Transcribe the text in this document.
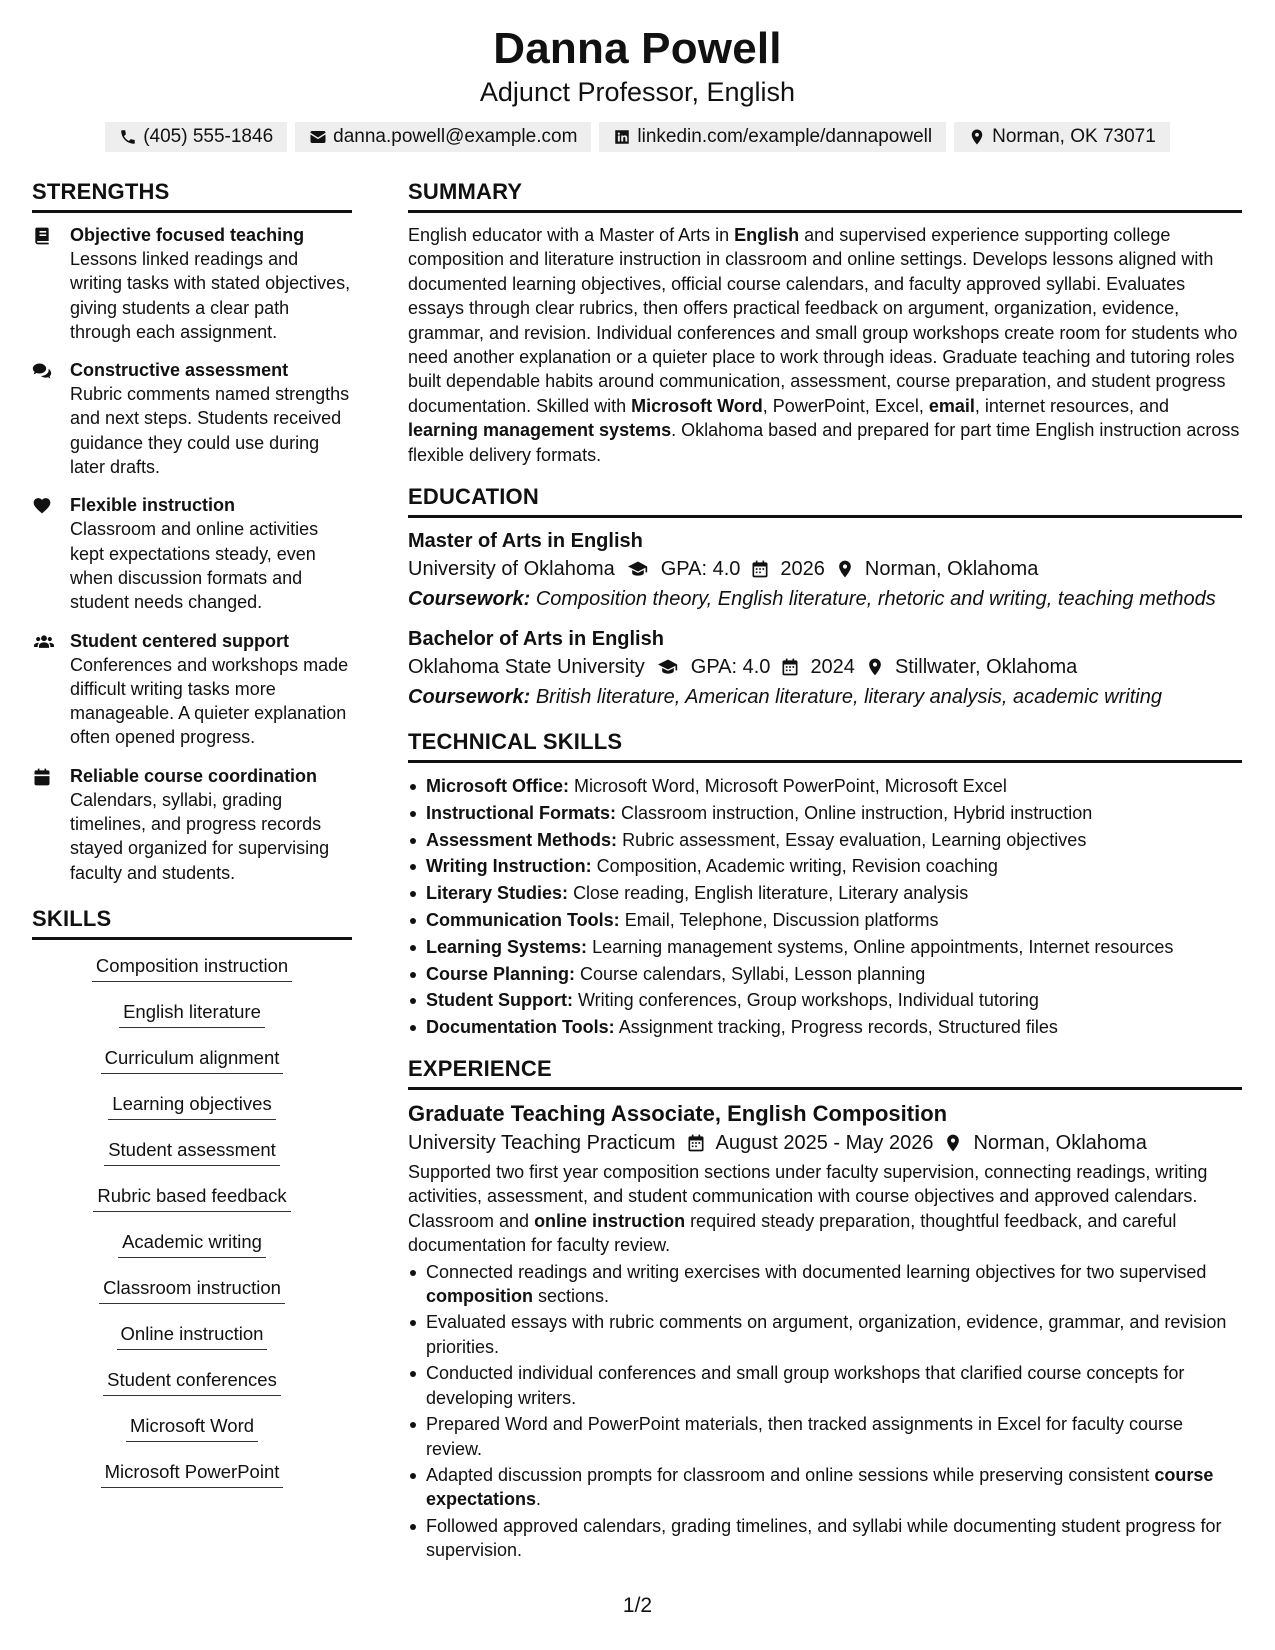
Danna Powell
Adjunct Professor, English
(405) 555-1846	danna.powell@example.com	linkedin.com/example/dannapowell	Norman, OK 73071
STRENGTHS
Objective focused teaching
Lessons linked readings and writing tasks with stated objectives, giving students a clear path through each assignment.
Constructive assessment
Rubric comments named strengths and next steps. Students received guidance they could use during later drafts.
Flexible instruction
Classroom and online activities kept expectations steady, even when discussion formats and student needs changed.
Student centered support
Conferences and workshops made difficult writing tasks more manageable. A quieter explanation often opened progress.
Reliable course coordination
Calendars, syllabi, grading timelines, and progress records stayed organized for supervising faculty and students.
SKILLS
Composition instruction
English literature
Curriculum alignment
Learning objectives
Student assessment
Rubric based feedback
Academic writing
Classroom instruction
Online instruction
Student conferences
Microsoft Word
Microsoft PowerPoint
SUMMARY
English educator with a Master of Arts in English and supervised experience supporting college composition and literature instruction in classroom and online settings. Develops lessons aligned with documented learning objectives, official course calendars, and faculty approved syllabi. Evaluates essays through clear rubrics, then offers practical feedback on argument, organization, evidence, grammar, and revision. Individual conferences and small group workshops create room for students who need another explanation or a quieter place to work through ideas. Graduate teaching and tutoring roles built dependable habits around communication, assessment, course preparation, and student progress documentation. Skilled with Microsoft Word, PowerPoint, Excel, email, internet resources, and learning management systems. Oklahoma based and prepared for part time English instruction across flexible delivery formats.
EDUCATION
Master of Arts in English
University of Oklahoma GPA: 4.0 2026 Norman, Oklahoma
Coursework: Composition theory, English literature, rhetoric and writing, teaching methods
Bachelor of Arts in English
Oklahoma State University GPA: 4.0 2024 Stillwater, Oklahoma
Coursework: British literature, American literature, literary analysis, academic writing
TECHNICAL SKILLS
Microsoft Office: Microsoft Word, Microsoft PowerPoint, Microsoft Excel
Instructional Formats: Classroom instruction, Online instruction, Hybrid instruction
Assessment Methods: Rubric assessment, Essay evaluation, Learning objectives
Writing Instruction: Composition, Academic writing, Revision coaching
Literary Studies: Close reading, English literature, Literary analysis
Communication Tools: Email, Telephone, Discussion platforms
Learning Systems: Learning management systems, Online appointments, Internet resources
Course Planning: Course calendars, Syllabi, Lesson planning
Student Support: Writing conferences, Group workshops, Individual tutoring
Documentation Tools: Assignment tracking, Progress records, Structured files
EXPERIENCE
Graduate Teaching Associate, English Composition
University Teaching Practicum August 2025 - May 2026 Norman, Oklahoma
Supported two first year composition sections under faculty supervision, connecting readings, writing activities, assessment, and student communication with course objectives and approved calendars. Classroom and online instruction required steady preparation, thoughtful feedback, and careful documentation for faculty review.
Connected readings and writing exercises with documented learning objectives for two supervised composition sections.
Evaluated essays with rubric comments on argument, organization, evidence, grammar, and revision priorities.
Conducted individual conferences and small group workshops that clarified course concepts for developing writers.
Prepared Word and PowerPoint materials, then tracked assignments in Excel for faculty course review.
Adapted discussion prompts for classroom and online sessions while preserving consistent course expectations.
Followed approved calendars, grading timelines, and syllabi while documenting student progress for supervision.
1/2
